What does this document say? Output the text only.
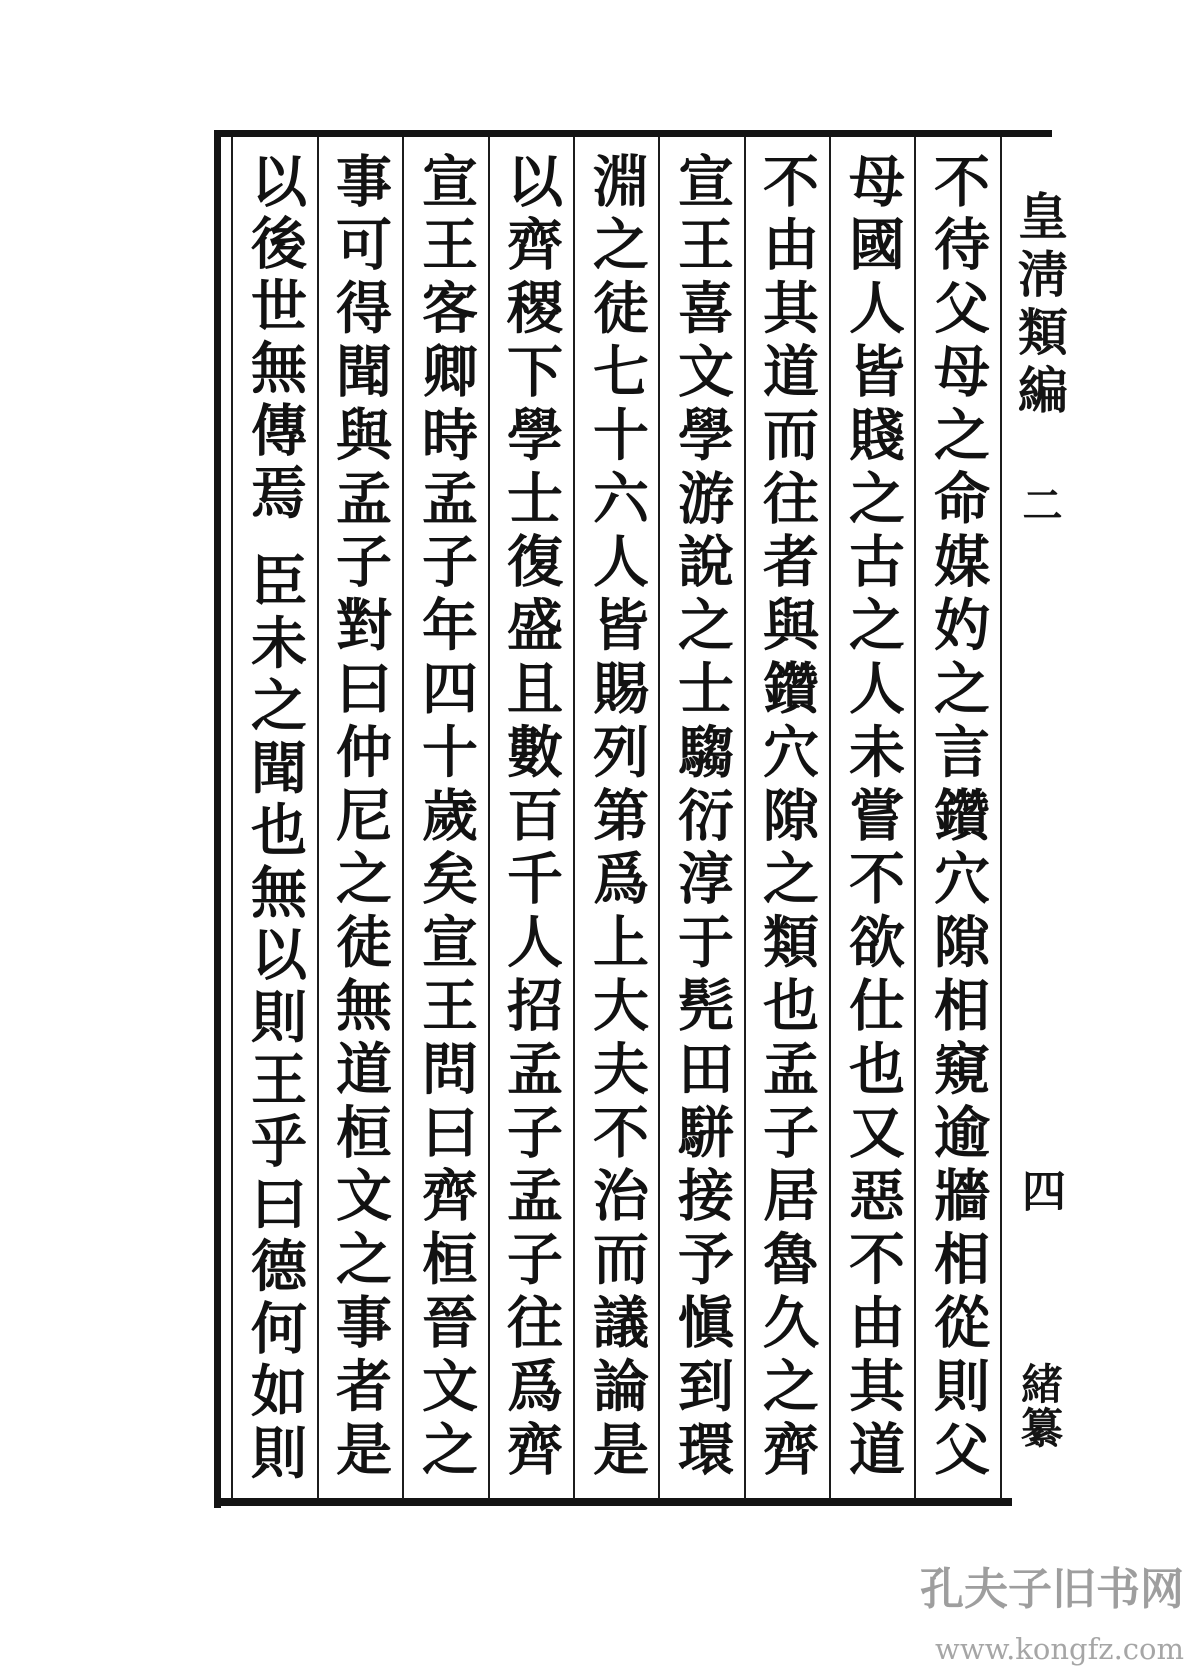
不待父母之命媒妁之言鑽穴隙相窺逾牆相從則父
母國人皆賤之古之人未嘗不欲仕也又惡不由其道
不由其道而往者與鑽穴隙之類也孟子居魯久之齊
宣王喜文學游說之士騶衍淳于髡田駢接予愼到環
淵之徒七十六人皆賜列第爲上大夫不治而議論是
以齊稷下學士復盛且數百千人招孟子孟子往爲齊
宣王客卿時孟子年四十歲矣宣王問曰齊桓晉文之
事可得聞與孟子對曰仲尼之徒無道桓文之事者是
以後世無傳焉 臣未之聞也無以則王乎曰德何如則	皇淸類編
二
四
緒纂
孔夫子旧书网
www.kongfz.com
